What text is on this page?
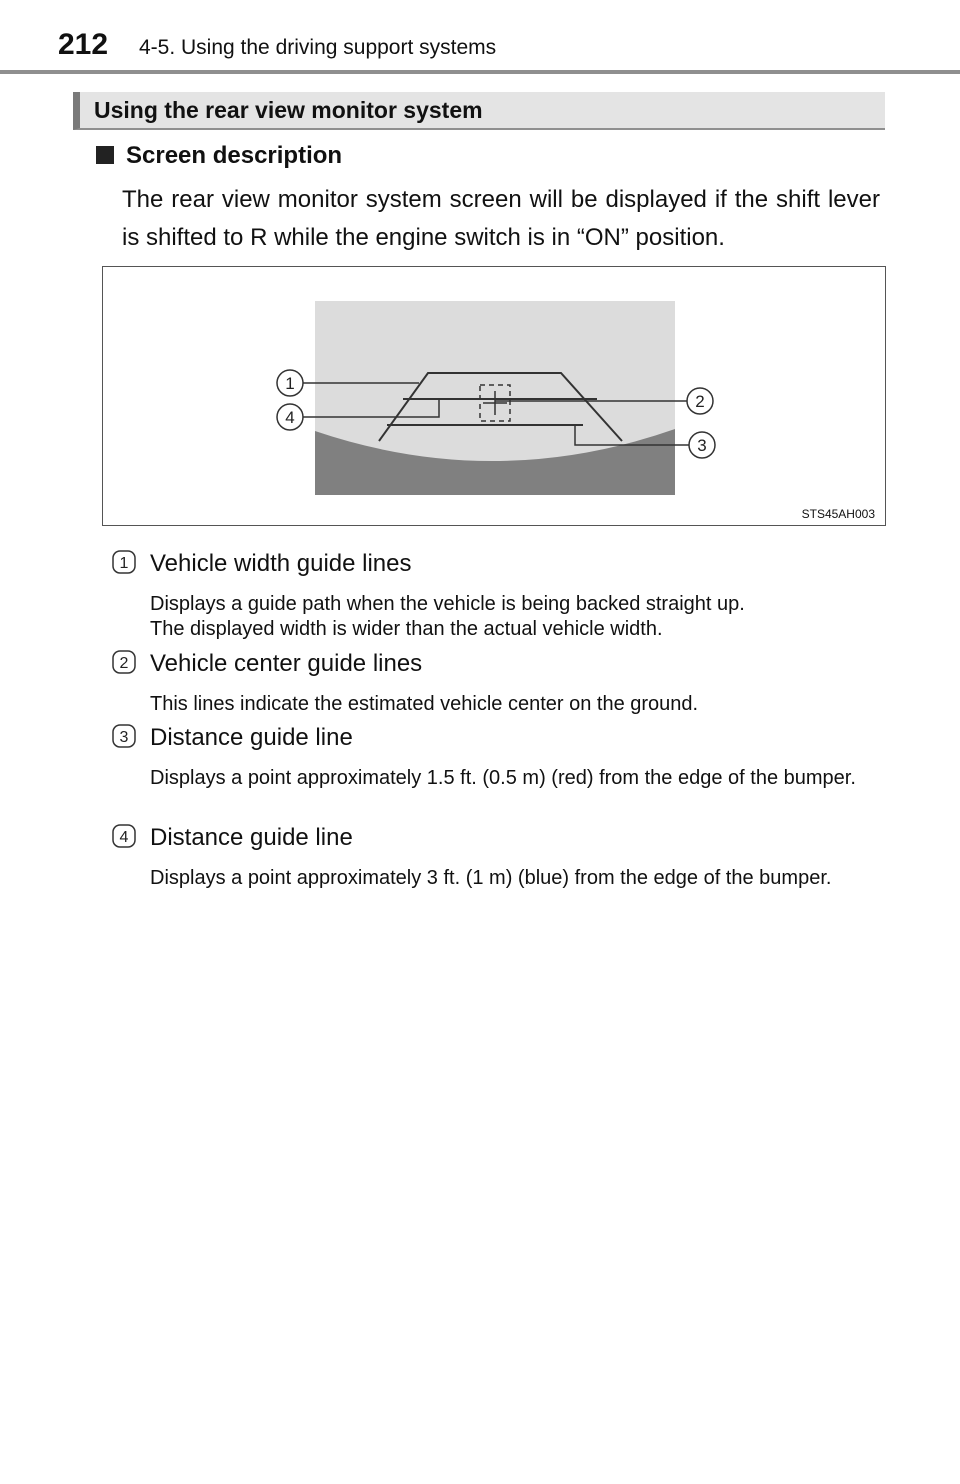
212 4-5. Using the driving support systems
Using the rear view monitor system
Screen description
The rear view monitor system screen will be displayed if the shift lever is shifted to R while the engine switch is in “ON” position.
1
4
2
3
STS45AH003
1 Vehicle width guide lines
Displays a guide path when the vehicle is being backed straight up.
The displayed width is wider than the actual vehicle width.
2 Vehicle center guide lines
This lines indicate the estimated vehicle center on the ground.
3 Distance guide line
Displays a point approximately 1.5 ft. (0.5 m) (red) from the edge of the bumper.
4 Distance guide line
Displays a point approximately 3 ft. (1 m) (blue) from the edge of the bumper.
